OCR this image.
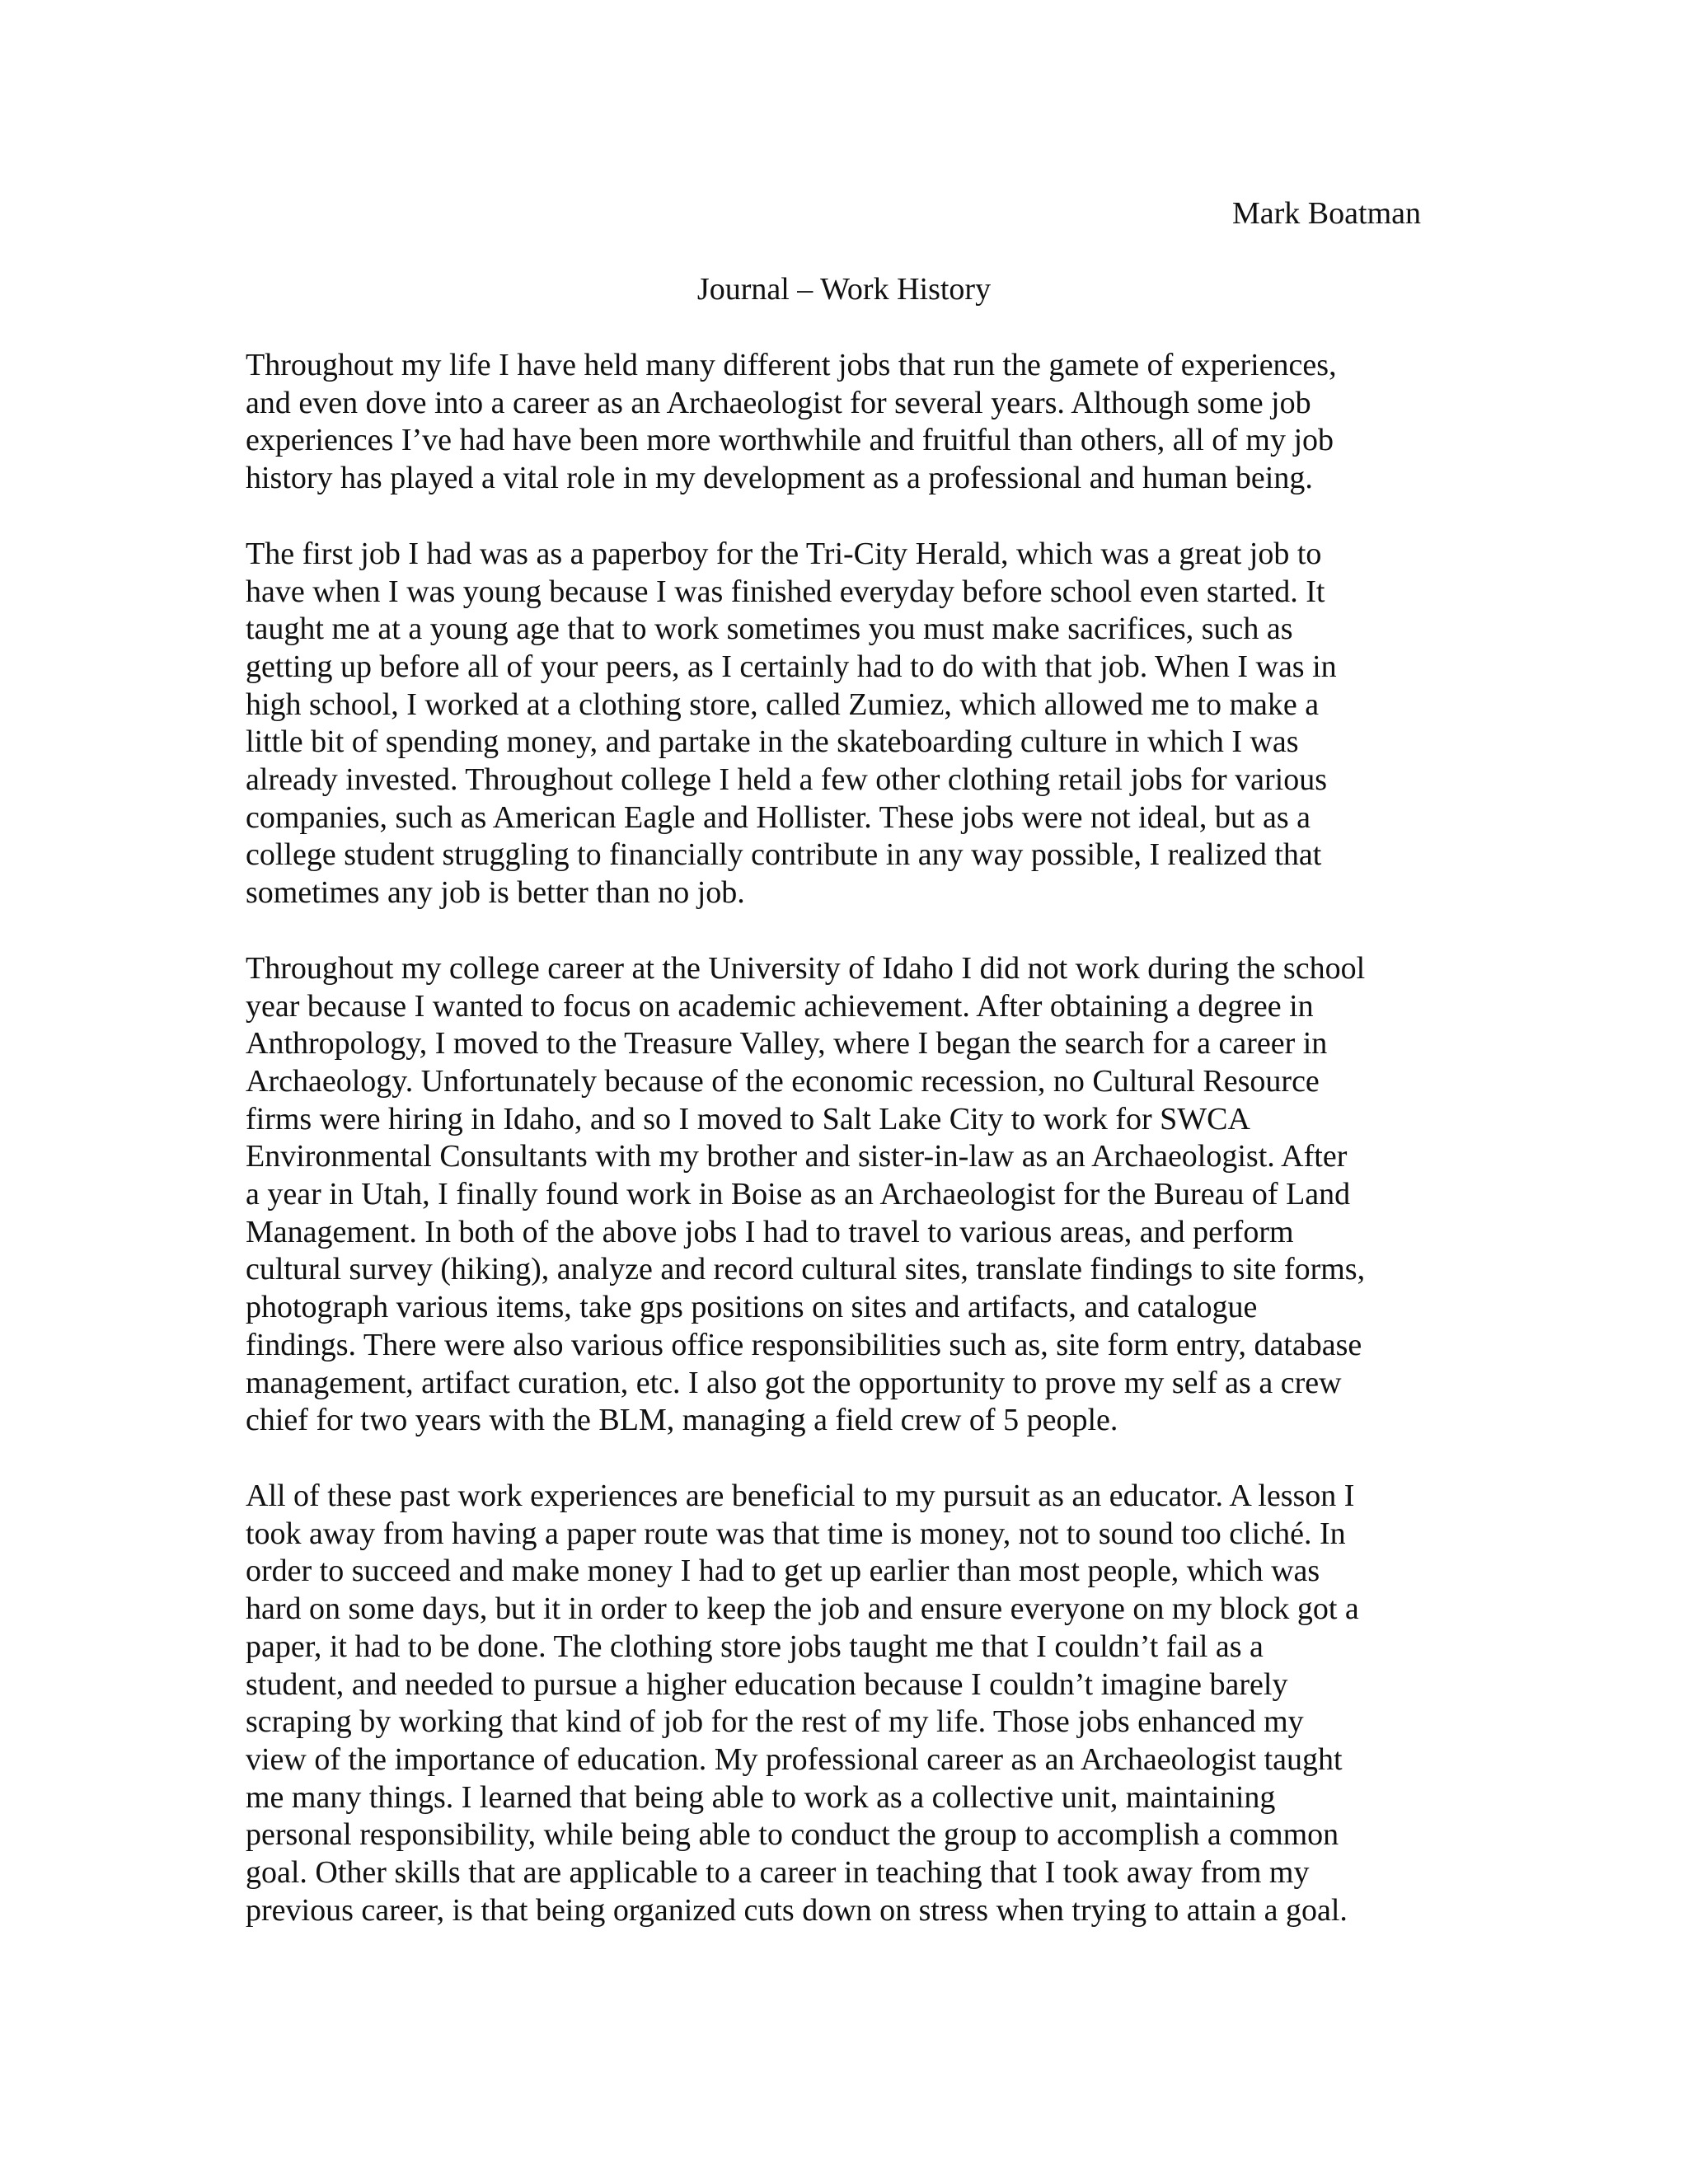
Mark Boatman
Journal – Work History
Throughout my life I have held many different jobs that run the gamete of experiences,
and even dove into a career as an Archaeologist for several years. Although some job
experiences I’ve had have been more worthwhile and fruitful than others, all of my job
history has played a vital role in my development as a professional and human being.
The first job I had was as a paperboy for the Tri-City Herald, which was a great job to
have when I was young because I was finished everyday before school even started. It
taught me at a young age that to work sometimes you must make sacrifices, such as
getting up before all of your peers, as I certainly had to do with that job. When I was in
high school, I worked at a clothing store, called Zumiez, which allowed me to make a
little bit of spending money, and partake in the skateboarding culture in which I was
already invested. Throughout college I held a few other clothing retail jobs for various
companies, such as American Eagle and Hollister. These jobs were not ideal, but as a
college student struggling to financially contribute in any way possible, I realized that
sometimes any job is better than no job.
Throughout my college career at the University of Idaho I did not work during the school
year because I wanted to focus on academic achievement. After obtaining a degree in
Anthropology, I moved to the Treasure Valley, where I began the search for a career in
Archaeology. Unfortunately because of the economic recession, no Cultural Resource
firms were hiring in Idaho, and so I moved to Salt Lake City to work for SWCA
Environmental Consultants with my brother and sister-in-law as an Archaeologist. After
a year in Utah, I finally found work in Boise as an Archaeologist for the Bureau of Land
Management. In both of the above jobs I had to travel to various areas, and perform
cultural survey (hiking), analyze and record cultural sites, translate findings to site forms,
photograph various items, take gps positions on sites and artifacts, and catalogue
findings. There were also various office responsibilities such as, site form entry, database
management, artifact curation, etc. I also got the opportunity to prove my self as a crew
chief for two years with the BLM, managing a field crew of 5 people.
All of these past work experiences are beneficial to my pursuit as an educator. A lesson I
took away from having a paper route was that time is money, not to sound too cliché. In
order to succeed and make money I had to get up earlier than most people, which was
hard on some days, but it in order to keep the job and ensure everyone on my block got a
paper, it had to be done. The clothing store jobs taught me that I couldn’t fail as a
student, and needed to pursue a higher education because I couldn’t imagine barely
scraping by working that kind of job for the rest of my life. Those jobs enhanced my
view of the importance of education. My professional career as an Archaeologist taught
me many things. I learned that being able to work as a collective unit, maintaining
personal responsibility, while being able to conduct the group to accomplish a common
goal. Other skills that are applicable to a career in teaching that I took away from my
previous career, is that being organized cuts down on stress when trying to attain a goal.
